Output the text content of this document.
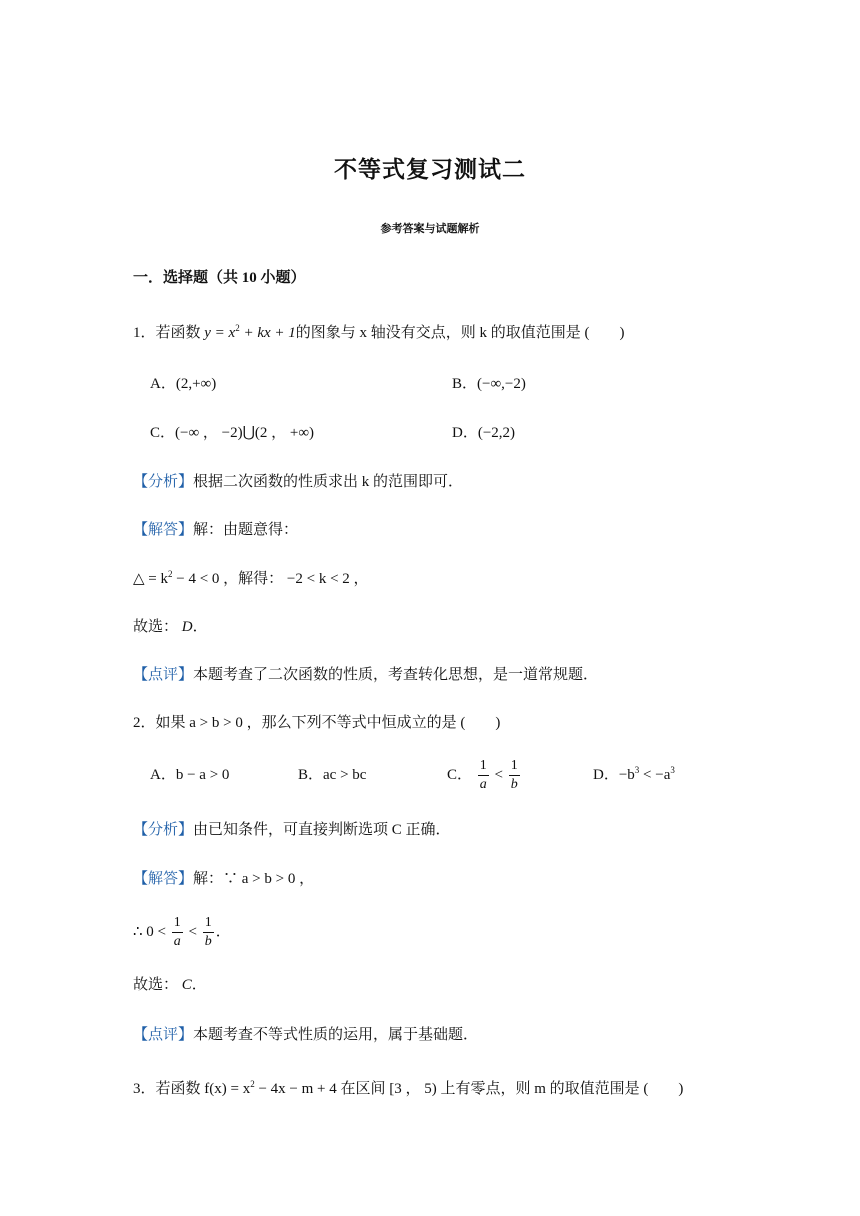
不等式复习测试二
参考答案与试题解析
一．选择题（共 10 小题）
1．若函数 $y = x^2$ + kx + 1的图象与 x 轴没有交点，则 k 的取值范围是 (　　)
A．(2,+∞)	B．(−∞,−2)
C．(−∞ ， −2)⋃(2 ， +∞)	D．(−2,2)
【分析】根据二次函数的性质求出 k 的范围即可．
【解答】解：由题意得：
△ = $k^2 - 4 < 0$ ，解得： −2 < k < 2 ，
故选： D．
【点评】本题考查了二次函数的性质，考查转化思想，是一道常规题．
2．如果 a > b > 0 ，那么下列不等式中恒成立的是 (　　)
A．b − a > 0	B．ac > bc	C． $\frac{1}{a} < \frac{1}{b}$	D．$-b^3 < -a^3$
【分析】由已知条件，可直接判断选项 C 正确．
【解答】解：∵ a > b > 0 ，
∴ $0 < \frac{1}{a} < \frac{1}{b}$ ．
故选： C．
【点评】本题考查不等式性质的运用，属于基础题．
3．若函数 $f(x) = x^2 - 4x - m + 4$ 在区间 [3 ， 5) 上有零点，则 m 的取值范围是 (　　)
